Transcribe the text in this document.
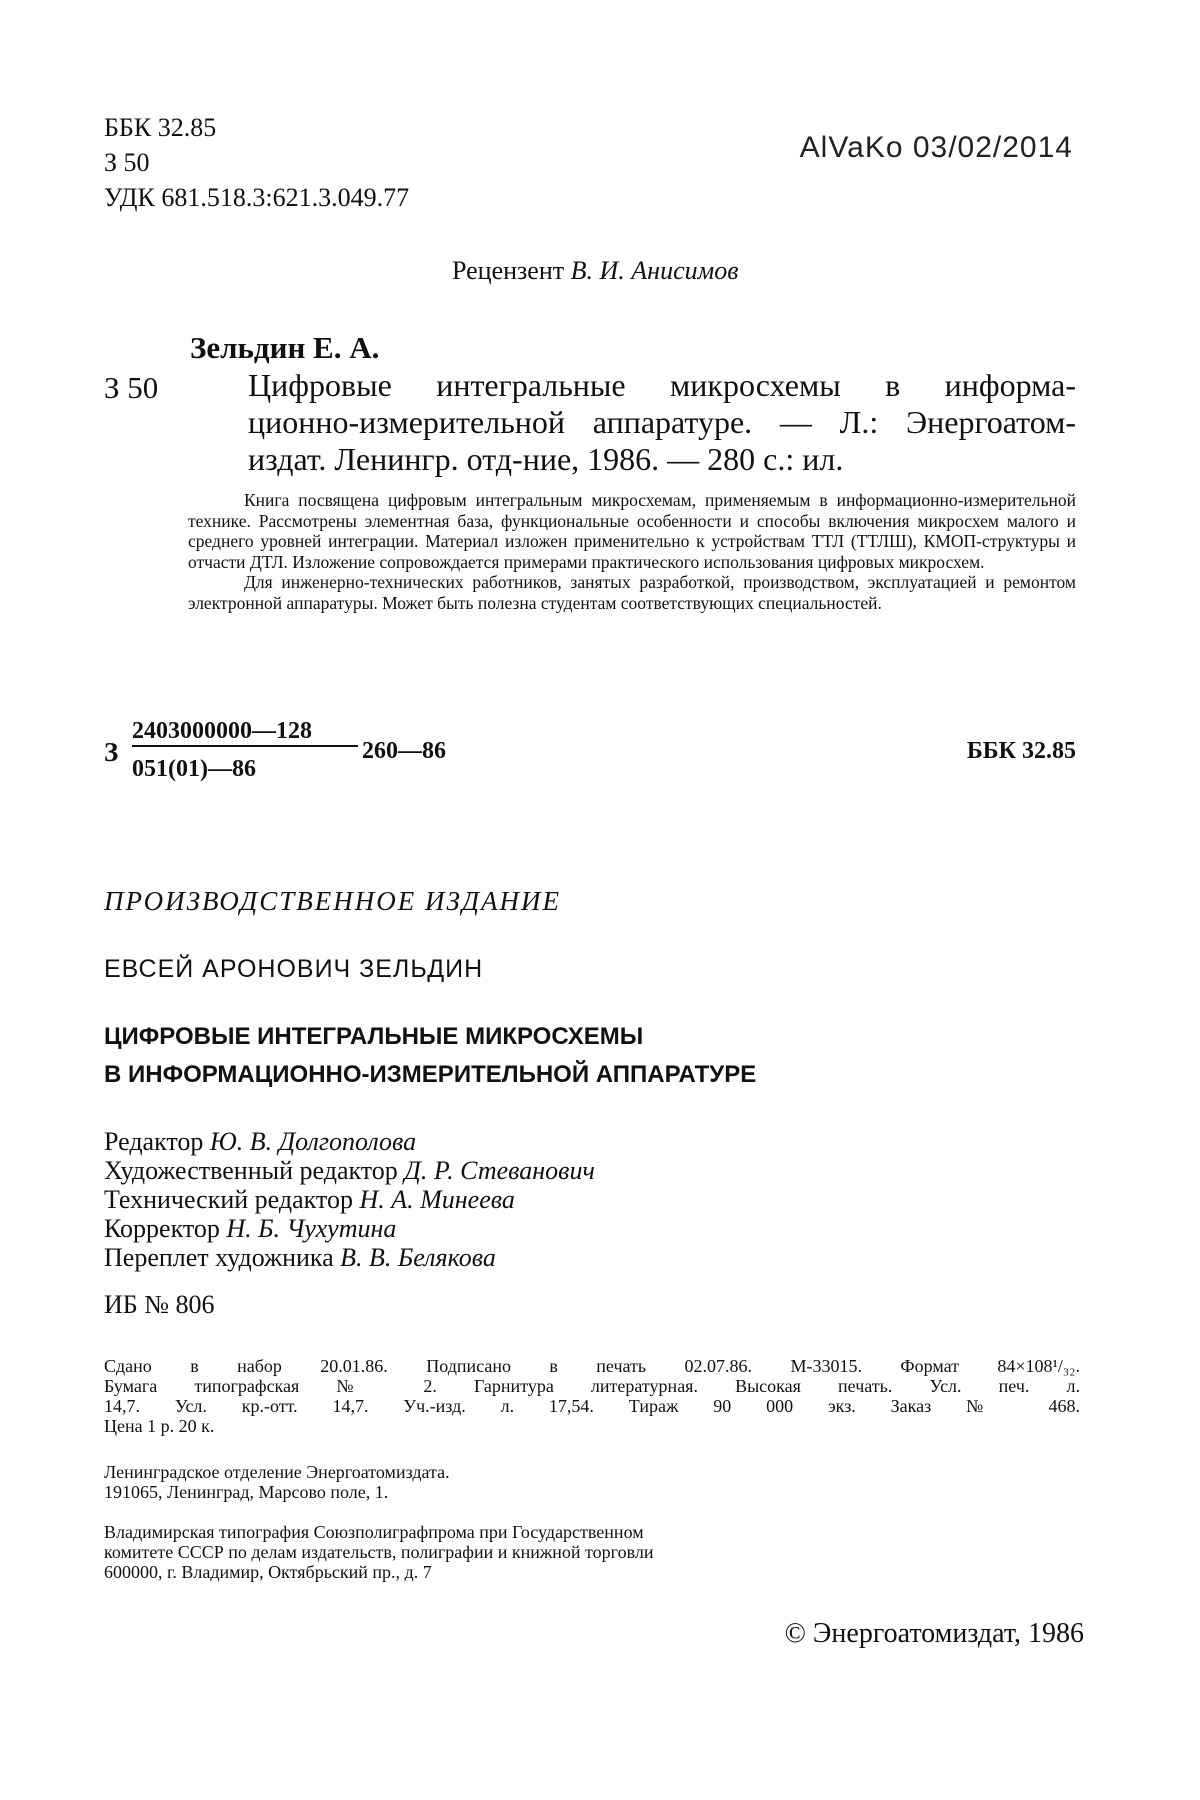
ББК 32.85
З 50
УДК 681.518.3:621.3.049.77
AlVaKo 03/02/2014
Рецензент В. И. Анисимов
Зельдин Е. А.
З 50	Цифровые интегральные микросхемы в информа-
ционно-измерительной аппаратуре. — Л.: Энергоатом-
издат. Ленингр. отд-ние, 1986. — 280 с.: ил.

Книга посвящена цифровым интегральным микросхемам, применяемым в информационно-измерительной технике. Рассмотрены элементная база, функциональные особенности и способы включения микросхем малого и среднего уровней интеграции. Материал изложен применительно к устройствам ТТЛ (ТТЛШ), КМОП-структуры и отчасти ДТЛ. Изложение сопровождается примерами практического использования цифровых микросхем.

Для инженерно-технических работников, занятых разработкой, производством, эксплуатацией и ремонтом электронной аппаратуры. Может быть полезна студентам соответствующих специальностей.

З
2403000000—128
051(01)—86
260—86	ББК 32.85
ПРОИЗВОДСТВЕННОЕ ИЗДАНИЕ
ЕВСЕЙ АРОНОВИЧ ЗЕЛЬДИН
ЦИФРОВЫЕ ИНТЕГРАЛЬНЫЕ МИКРОСХЕМЫ
В ИНФОРМАЦИОННО-ИЗМЕРИТЕЛЬНОЙ АППАРАТУРЕ
Редактор Ю. В. Долгополова
Художественный редактор Д. Р. Стеванович
Технический редактор Н. А. Минеева
Корректор Н. Б. Чухутина
Переплет художника В. В. Белякова
ИБ № 806
Сдано в набор 20.01.86. Подписано в печать 02.07.86. М-33015. Формат 84×108¹/₃₂.
Бумага типографская № 2. Гарнитура литературная. Высокая печать. Усл. печ. л.
14,7. Усл. кр.-отт. 14,7. Уч.-изд. л. 17,54. Тираж 90 000 экз. Заказ № 468.
Цена 1 р. 20 к.
Ленинградское отделение Энергоатомиздата.
191065, Ленинград, Марсово поле, 1.
Владимирская типография Союзполиграфпрома при Государственном
комитете СССР по делам издательств, полиграфии и книжной торговли
600000, г. Владимир, Октябрьский пр., д. 7
© Энергоатомиздат, 1986
